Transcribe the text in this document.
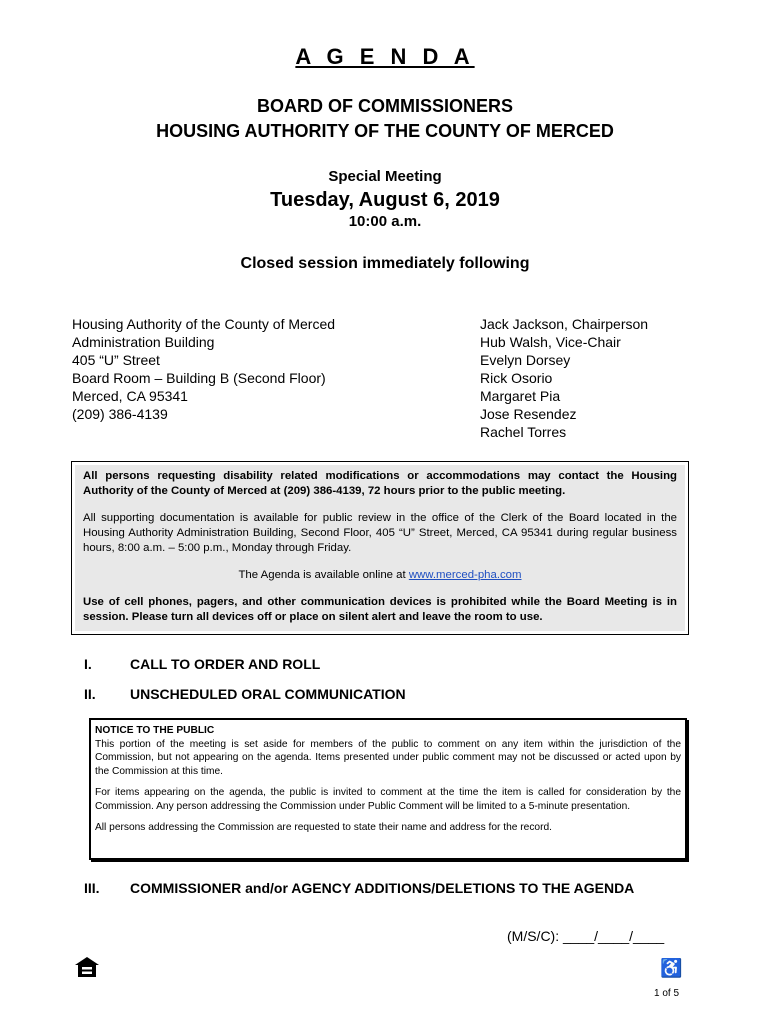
A G E N D A
BOARD OF COMMISSIONERS
HOUSING AUTHORITY OF THE COUNTY OF MERCED
Special Meeting
Tuesday, August 6, 2019
10:00 a.m.
Closed session immediately following
Housing Authority of the County of Merced
Administration Building
405 “U” Street
Board Room – Building B (Second Floor)
Merced, CA 95341
(209) 386-4139
Jack Jackson, Chairperson
Hub Walsh, Vice-Chair
Evelyn Dorsey
Rick Osorio
Margaret Pia
Jose Resendez
Rachel Torres

All persons requesting disability related modifications or accommodations may contact the Housing Authority of the County of Merced at (209) 386-4139, 72 hours prior to the public meeting.

All supporting documentation is available for public review in the office of the Clerk of the Board located in the Housing Authority Administration Building, Second Floor, 405 “U” Street, Merced, CA 95341 during regular business hours, 8:00 a.m. – 5:00 p.m., Monday through Friday.

The Agenda is available online at www.merced-pha.com

Use of cell phones, pagers, and other communication devices is prohibited while the Board Meeting is in session. Please turn all devices off or place on silent alert and leave the room to use.

I.	CALL TO ORDER AND ROLL
II. UNSCHEDULED ORAL COMMUNICATION
NOTICE TO THE PUBLIC

This portion of the meeting is set aside for members of the public to comment on any item within the jurisdiction of the Commission, but not appearing on the agenda. Items presented under public comment may not be discussed or acted upon by the Commission at this time.

For items appearing on the agenda, the public is invited to comment at the time the item is called for consideration by the Commission. Any person addressing the Commission under Public Comment will be limited to a 5-minute presentation.

All persons addressing the Commission are requested to state their name and address for the record.

III. COMMISSIONER and/or AGENCY ADDITIONS/DELETIONS TO THE AGENDA
(M/S/C): ____/____/____
♿
1 of 5
